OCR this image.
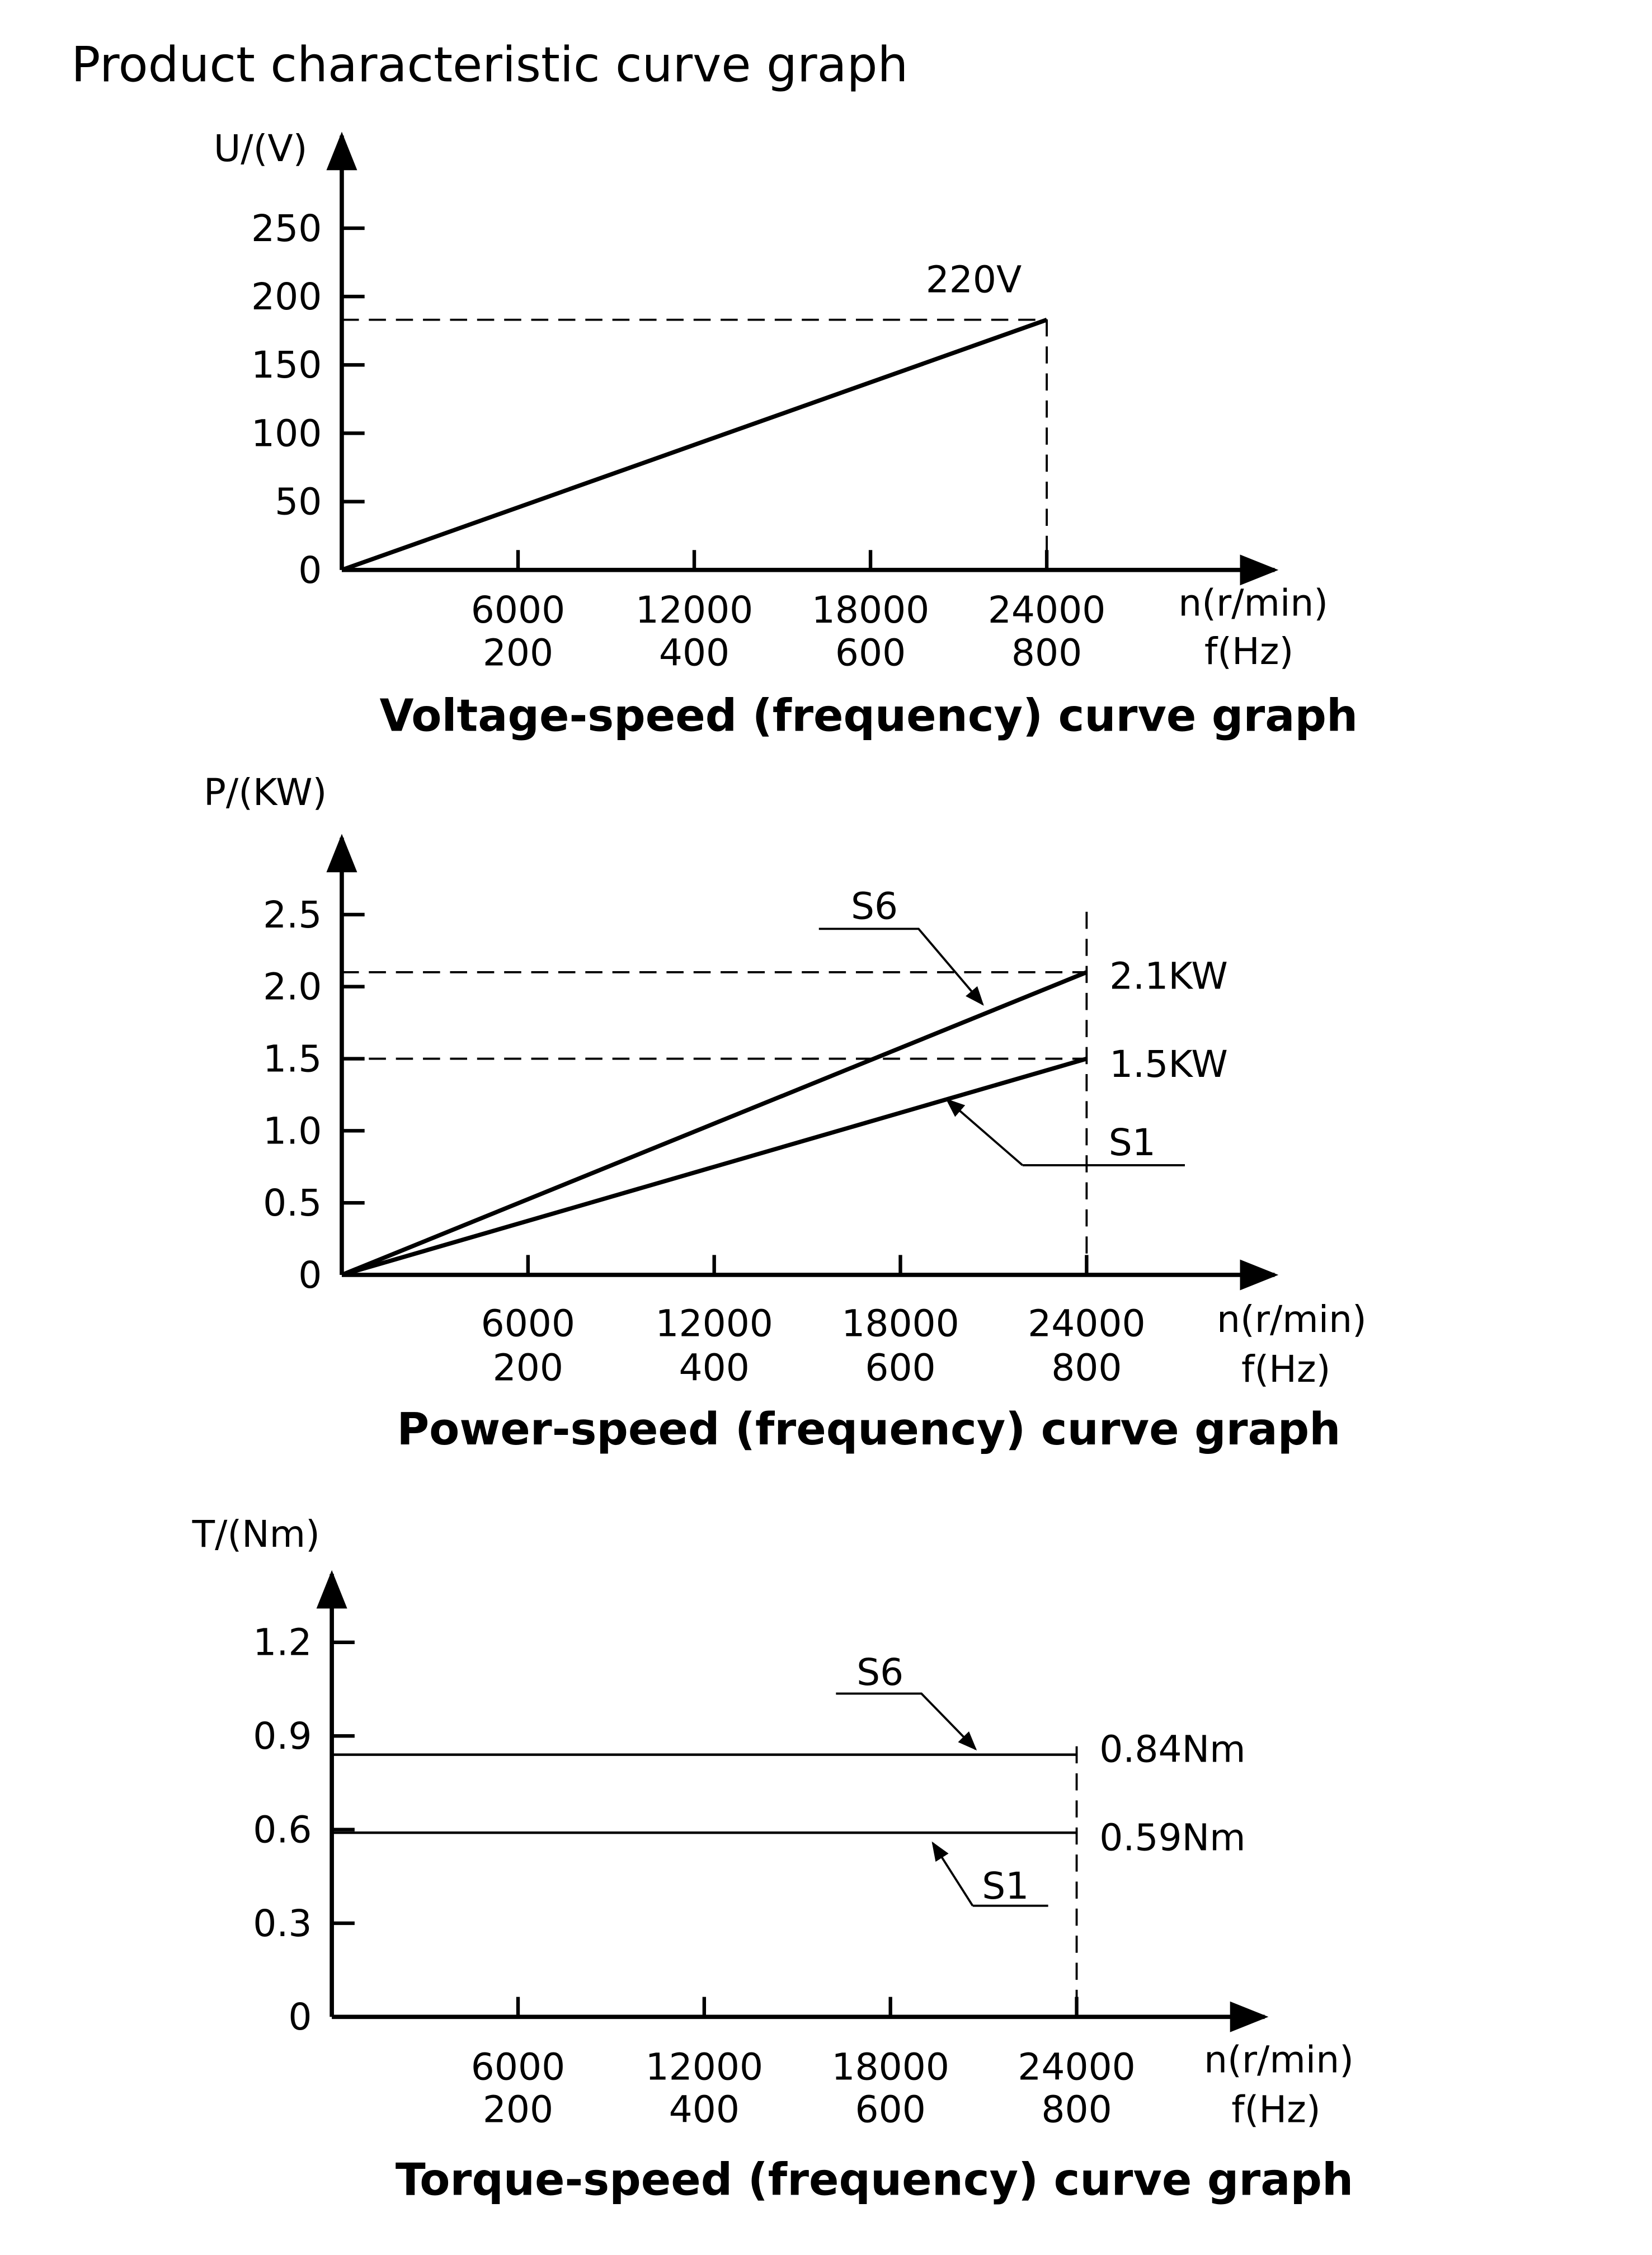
Product characteristic curve graph
U/(V)
n(r/min)
f(Hz)
Voltage-speed (frequency) curve graph
0
50
100
150
200
250
6000
200
12000
400
18000
600
24000
800
220V
P/(KW)
n(r/min)
f(Hz)
Power-speed (frequency) curve graph
0
0.5
1.0
1.5
2.0
2.5
6000
200
12000
400
18000
600
24000
800
2.1KW
S6
1.5KW
S1
T/(Nm)
n(r/min)
f(Hz)
Torque-speed (frequency) curve graph
0
0.3
0.6
0.9
1.2
6000
200
12000
400
18000
600
24000
800
0.84Nm
S6
0.59Nm
S1
